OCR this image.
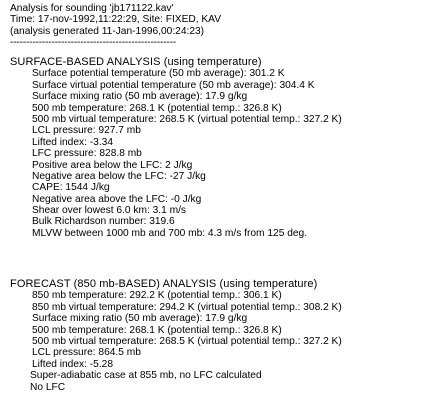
Analysis for sounding 'jb171122.kav'
Time: 17-nov-1992,11:22:29, Site: FIXED, KAV
(analysis generated 11-Jan-1996,00:24:23)
----------------------------------------------------
SURFACE-BASED ANALYSIS (using temperature)
Surface potential temperature (50 mb average): 301.2 K
Surface virtual potential temperature (50 mb average): 304.4 K
Surface mixing ratio (50 mb average): 17.9 g/kg
500 mb temperature: 268.1 K (potential temp.: 326.8 K)
500 mb virtual temperature: 268.5 K (virtual potential temp.: 327.2 K)
LCL pressure: 927.7 mb
Lifted index: -3.34
LFC pressure: 828.8 mb
Positive area below the LFC: 2 J/kg
Negative area below the LFC: -27 J/kg
CAPE: 1544 J/kg
Negative area above the LFC: -0 J/kg
Shear over lowest 6.0 km: 3.1 m/s
Bulk Richardson number: 319.6
MLVW between 1000 mb and 700 mb: 4.3 m/s from 125 deg.
FORECAST (850 mb-BASED) ANALYSIS (using temperature)
850 mb temperature: 292.2 K (potential temp.: 306.1 K)
850 mb virtual temperature: 294.2 K (virtual potential temp.: 308.2 K)
Surface mixing ratio (50 mb average): 17.9 g/kg
500 mb temperature: 268.1 K (potential temp.: 326.8 K)
500 mb virtual temperature: 268.5 K (virtual potential temp.: 327.2 K)
LCL pressure: 864.5 mb
Lifted index: -5.28
Super-adiabatic case at 855 mb, no LFC calculated
No LFC
